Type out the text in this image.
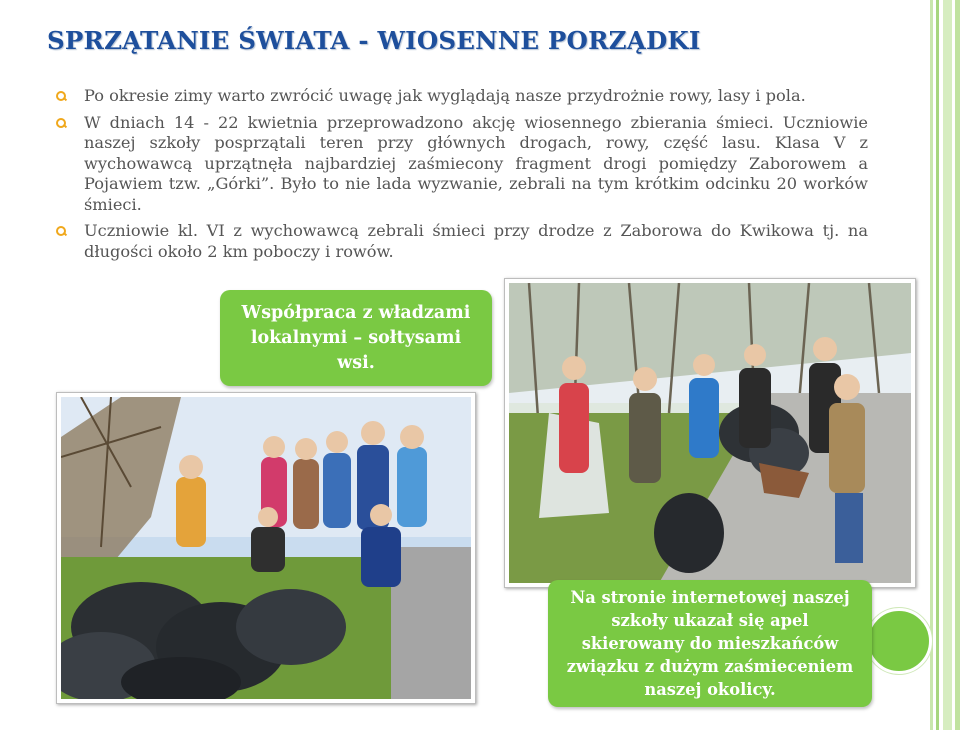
SPRZĄTANIE ŚWIATA - WIOSENNE PORZĄDKI

Po okresie zimy warto zwrócić uwagę jak wyglądają nasze przydrożnie rowy, lasy i pola.

W dniach 14 - 22 kwietnia przeprowadzono akcję wiosennego zbierania śmieci. Uczniowie naszej szkoły posprzątali teren przy głównych drogach, rowy, część lasu. Klasa V z wychowawcą uprzątnęła najbardziej zaśmiecony fragment drogi pomiędzy Zaborowem a Pojawiem tzw. „Górki”. Było to nie lada wyzwanie, zebrali na tym krótkim odcinku 20 worków śmieci.

Uczniowie kl. VI z wychowawcą zebrali śmieci przy drodze z Zaborowa do Kwikowa tj. na długości około 2 km poboczy i rowów.

Współpraca z władzami lokalnymi – sołtysami wsi.
Na stronie internetowej naszej szkoły ukazał się apel skierowany do mieszkańców związku z dużym zaśmieceniem naszej okolicy.
